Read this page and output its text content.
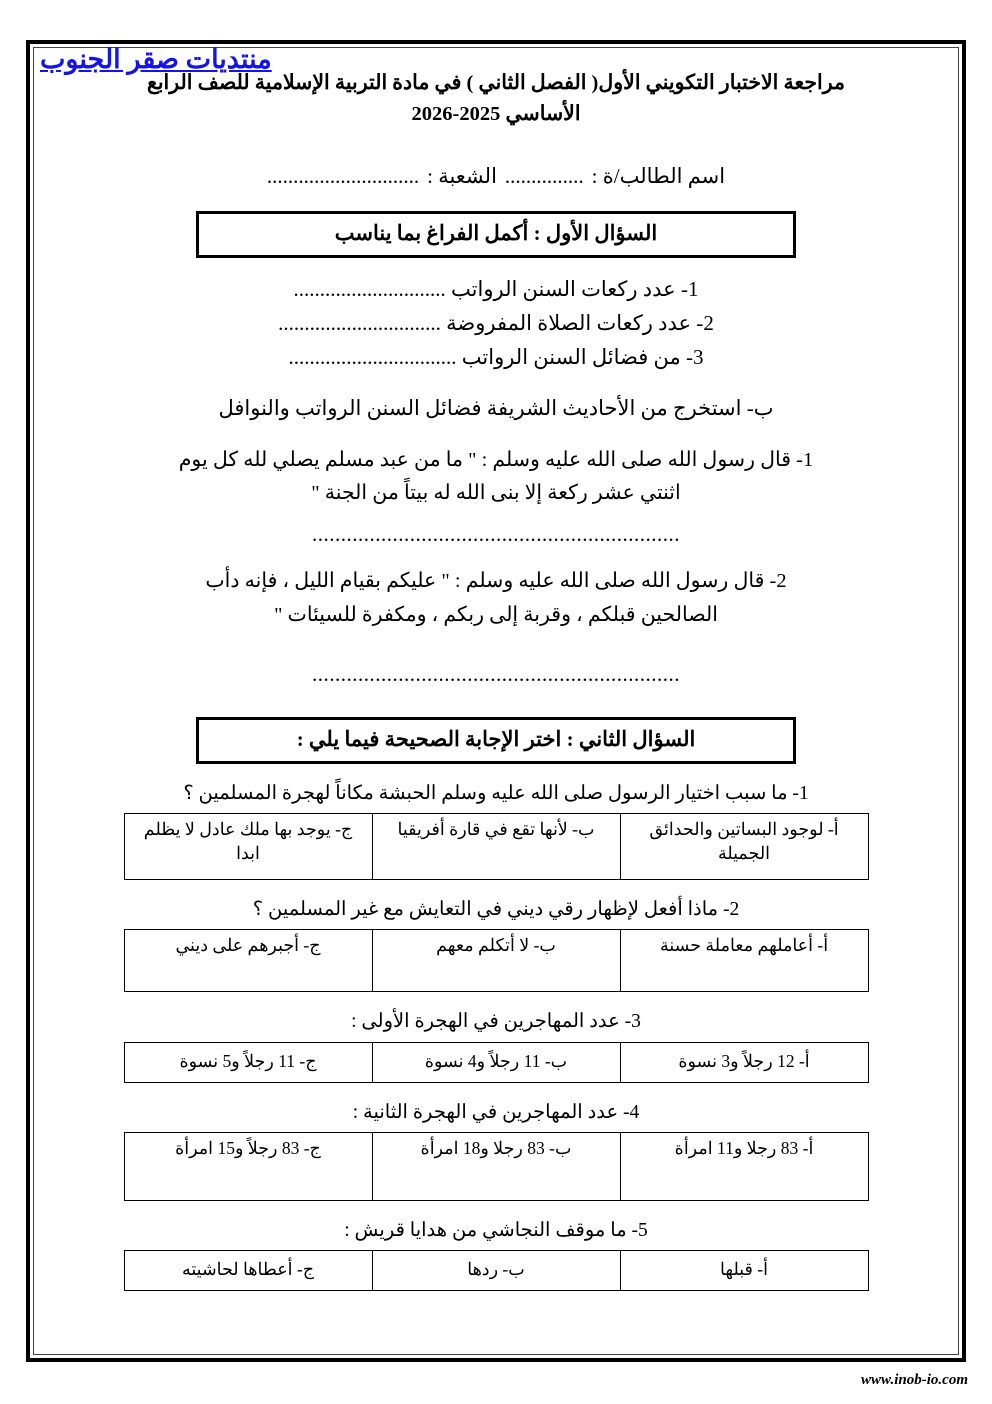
منتديات صقر الجنوب
مراجعة الاختبار التكويني الأول( الفصل الثاني ) في مادة التربية الإسلامية للصف الرابع
الأساسي 2025-2026
اسم الطالب/ة :...............الشعبة :.............................
السؤال الأول : أكمل الفراغ بما يناسب
1- عدد ركعات السنن الرواتب .............................
2- عدد ركعات الصلاة المفروضة ...............................
3- من فضائل السنن الرواتب ................................
ب- استخرج من الأحاديث الشريفة فضائل السنن الرواتب والنوافل
1- قال رسول الله صلى الله عليه وسلم : " ما من عبد مسلم يصلي لله كل يوم
اثنتي عشر ركعة إلا بنى الله له بيتاً من الجنة "
................................................................
2- قال رسول الله صلى الله عليه وسلم : " عليكم بقيام الليل ، فإنه دأب
الصالحين قبلكم ، وقربة إلى ربكم ، ومكفرة للسيئات "
................................................................
السؤال الثاني : اختر الإجابة الصحيحة فيما يلي :
1- ما سبب اختيار الرسول صلى الله عليه وسلم الحبشة مكاناً لهجرة المسلمين ؟
أ- لوجود البساتين والحدائق الجميلة	ب- لأنها تقع في قارة أفريقيا	ج- يوجد بها ملك عادل لا يظلم ابدا
2- ماذا أفعل لإظهار رقي ديني في التعايش مع غير المسلمين ؟
أ- أعاملهم معاملة حسنة	ب- لا أتكلم معهم	ج- أجبرهم على ديني
3- عدد المهاجرين في الهجرة الأولى :
أ- 12 رجلاً و3 نسوة	ب- 11 رجلاً و4 نسوة	ج- 11 رجلاً و5 نسوة
4- عدد المهاجرين في الهجرة الثانية :
أ- 83 رجلا و11 امرأة	ب- 83 رجلا و18 امرأة	ج- 83 رجلاً و15 امرأة
5- ما موقف النجاشي من هدايا قريش :
أ- قبلها	ب- ردها	ج- أعطاها لحاشيته
www.inob-io.com
